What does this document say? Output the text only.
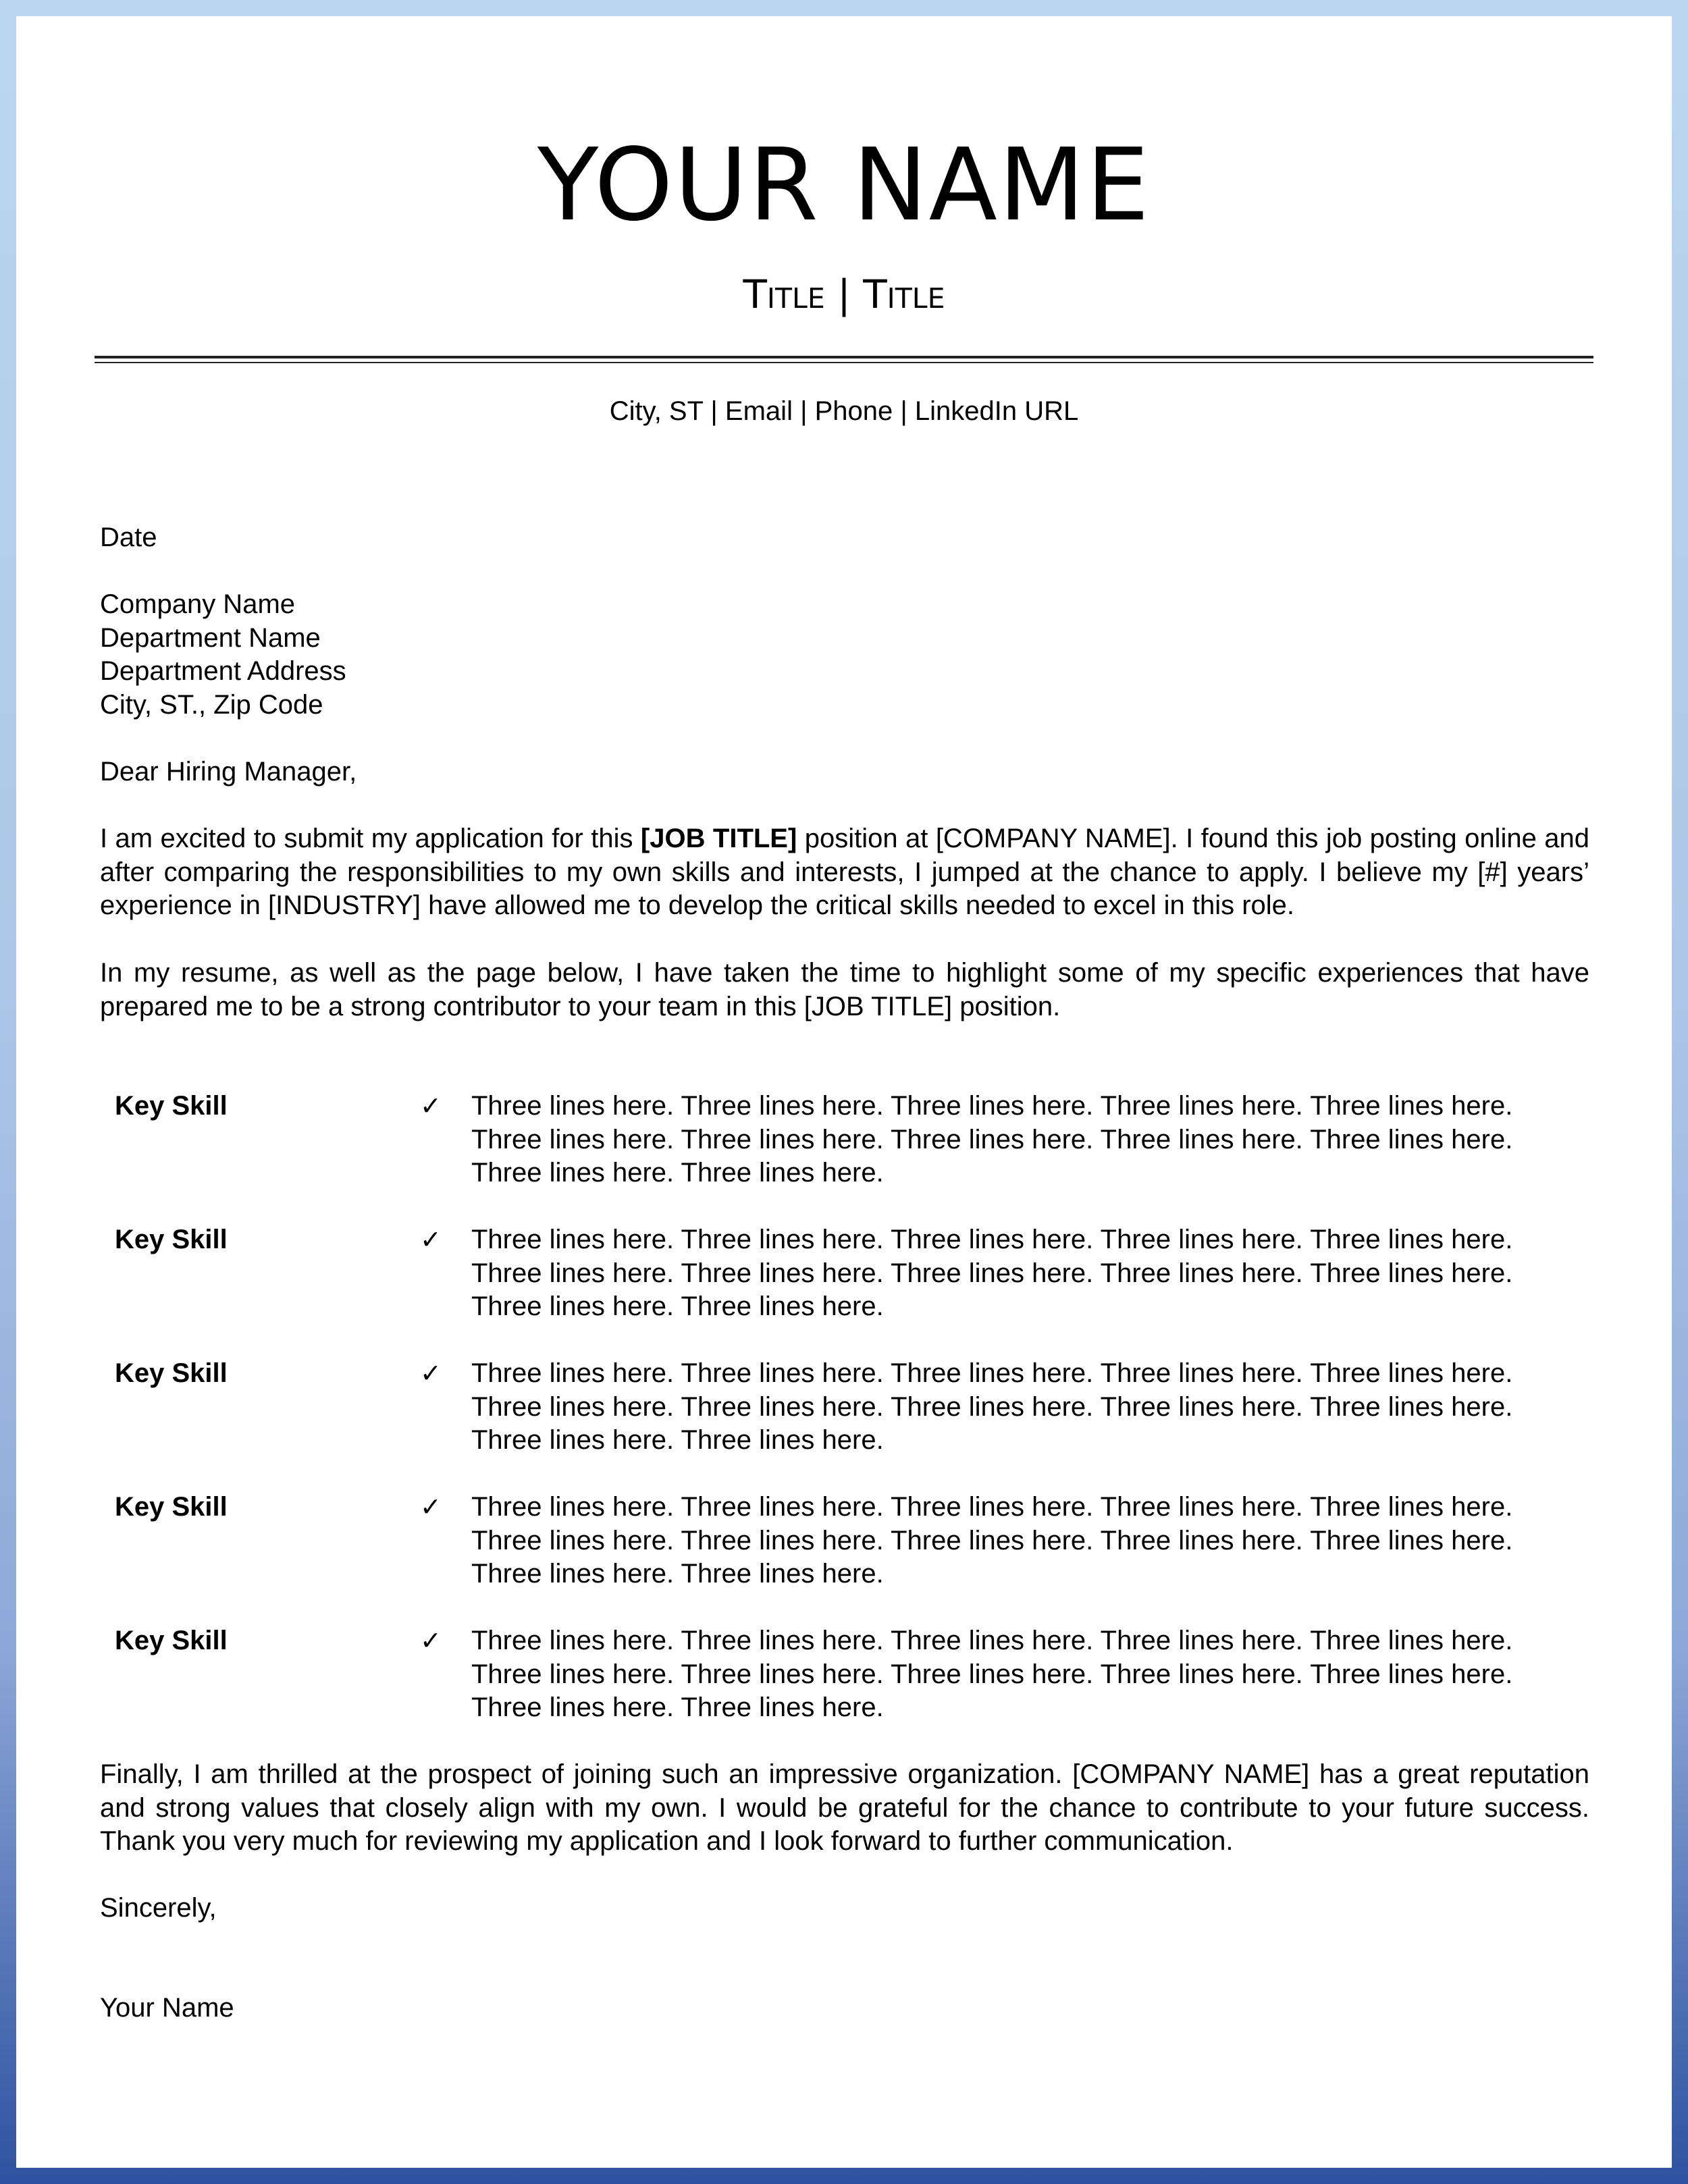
YOUR NAME
Title | Title
City, ST | Email | Phone | LinkedIn URL
Date
Company Name
Department Name
Department Address
City, ST., Zip Code
Dear Hiring Manager,
I am excited to submit my application for this [JOB TITLE] position at [COMPANY NAME]. I found this job posting online and after comparing the responsibilities to my own skills and interests, I jumped at the chance to apply. I believe my [#] years’ experience in [INDUSTRY] have allowed me to develop the critical skills needed to excel in this role.
In my resume, as well as the page below, I have taken the time to highlight some of my specific experiences that have prepared me to be a strong contributor to your team in this [JOB TITLE] position.
Key Skill	✓ Three lines here. Three lines here. Three lines here. Three lines here. Three lines here. Three lines here. Three lines here. Three lines here. Three lines here. Three lines here. Three lines here. Three lines here.
Key Skill	✓ Three lines here. Three lines here. Three lines here. Three lines here. Three lines here. Three lines here. Three lines here. Three lines here. Three lines here. Three lines here. Three lines here. Three lines here.
Key Skill	✓ Three lines here. Three lines here. Three lines here. Three lines here. Three lines here. Three lines here. Three lines here. Three lines here. Three lines here. Three lines here. Three lines here. Three lines here.
Key Skill	✓ Three lines here. Three lines here. Three lines here. Three lines here. Three lines here. Three lines here. Three lines here. Three lines here. Three lines here. Three lines here. Three lines here. Three lines here.
Key Skill	✓ Three lines here. Three lines here. Three lines here. Three lines here. Three lines here. Three lines here. Three lines here. Three lines here. Three lines here. Three lines here. Three lines here. Three lines here.
Finally, I am thrilled at the prospect of joining such an impressive organization. [COMPANY NAME] has a great reputation and strong values that closely align with my own. I would be grateful for the chance to contribute to your future success. Thank you very much for reviewing my application and I look forward to further communication.
Sincerely,
Your Name
